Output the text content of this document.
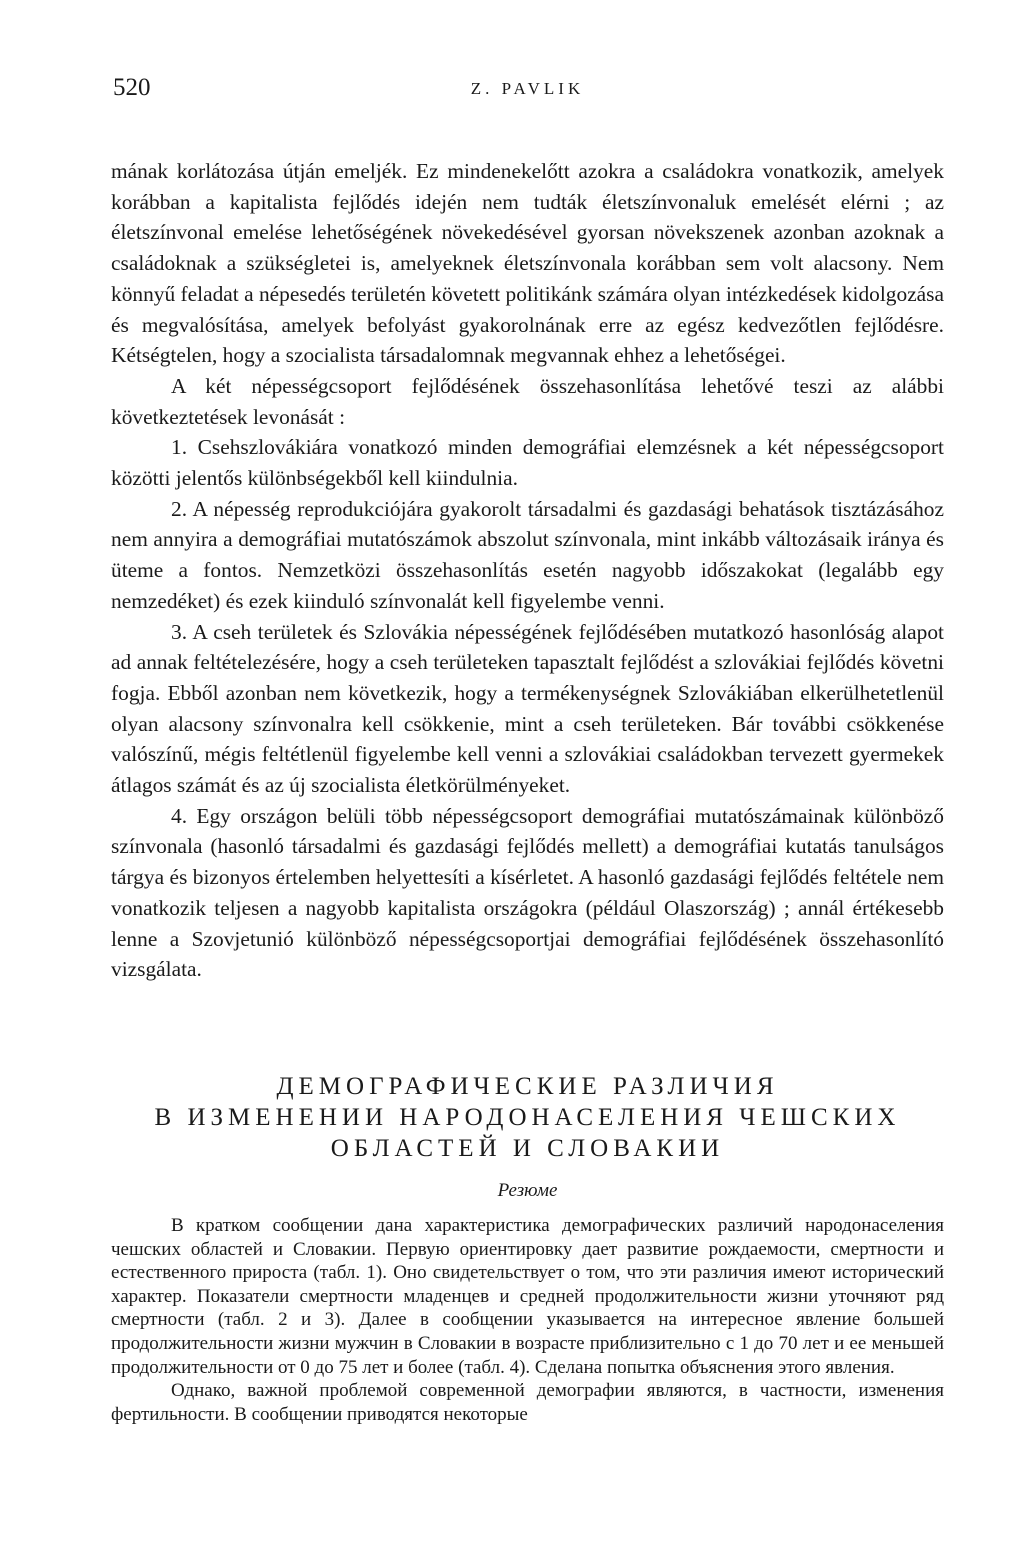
520	Z. PAVLIK

mának korlátozása útján emeljék. Ez mindenekelőtt azokra a családokra vonatkozik, amelyek korábban a kapitalista fejlődés idején nem tudták életszínvonaluk emelését elérni ; az életszínvonal emelése lehetőségének növekedésével gyorsan növekszenek azonban azoknak a családoknak a szükségletei is, amelyeknek életszínvonala korábban sem volt alacsony. Nem könnyű feladat a népesedés területén követett politikánk számára olyan intézkedések kidolgozása és megvalósítása, amelyek befolyást gyakorolnának erre az egész kedvezőtlen fejlődésre. Kétségtelen, hogy a szocialista társadalomnak megvannak ehhez a lehetőségei.

A két népességcsoport fejlődésének összehasonlítása lehetővé teszi az alábbi következtetések levonását :

1. Csehszlovákiára vonatkozó minden demográfiai elemzésnek a két népességcsoport közötti jelentős különbségekből kell kiindulnia.

2. A népesség reprodukciójára gyakorolt társadalmi és gazdasági behatások tisztázásához nem annyira a demográfiai mutatószámok abszolut színvonala, mint inkább változásaik iránya és üteme a fontos. Nemzetközi összehasonlítás esetén nagyobb időszakokat (legalább egy nemzedéket) és ezek kiinduló színvonalát kell figyelembe venni.

3. A cseh területek és Szlovákia népességének fejlődésében mutatkozó hasonlóság alapot ad annak feltételezésére, hogy a cseh területeken tapasztalt fejlődést a szlovákiai fejlődés követni fogja. Ebből azonban nem következik, hogy a termékenységnek Szlovákiában elkerülhetetlenül olyan alacsony színvonalra kell csökkenie, mint a cseh területeken. Bár további csökkenése valószínű, mégis feltétlenül figyelembe kell venni a szlovákiai családokban tervezett gyermekek átlagos számát és az új szocialista életkörülményeket.

4. Egy országon belüli több népességcsoport demográfiai mutatószámainak különböző színvonala (hasonló társadalmi és gazdasági fejlődés mellett) a demográfiai kutatás tanulságos tárgya és bizonyos értelemben helyettesíti a kísérletet. A hasonló gazdasági fejlődés feltétele nem vonatkozik teljesen a nagyobb kapitalista országokra (például Olaszország) ; annál értékesebb lenne a Szovjetunió különböző népességcsoportjai demográfiai fejlődésének összehasonlító vizsgálata.

ДЕМОГРАФИЧЕСКИЕ РАЗЛИЧИЯ

В ИЗМЕНЕНИИ НАРОДОНАСЕЛЕНИЯ ЧЕШСКИХ

ОБЛАСТЕЙ И СЛОВАКИИ

Резюме

В кратком сообщении дана характеристика демографических различий народонаселения чешских областей и Словакии. Первую ориентировку дает развитие рождаемости, смертности и естественного прироста (табл. 1). Оно свидетельствует о том, что эти различия имеют исторический характер. Показатели смертности младенцев и средней продолжительности жизни уточняют ряд смертности (табл. 2 и 3). Далее в сообщении указывается на интересное явление большей продолжительности жизни мужчин в Словакии в возрасте приблизительно с 1 до 70 лет и ее меньшей продолжительности от 0 до 75 лет и более (табл. 4). Сделана попытка объяснения этого явления.

Однако, важной проблемой современной демографии являются, в частности, изменения фертильности. В сообщении приводятся некоторые
